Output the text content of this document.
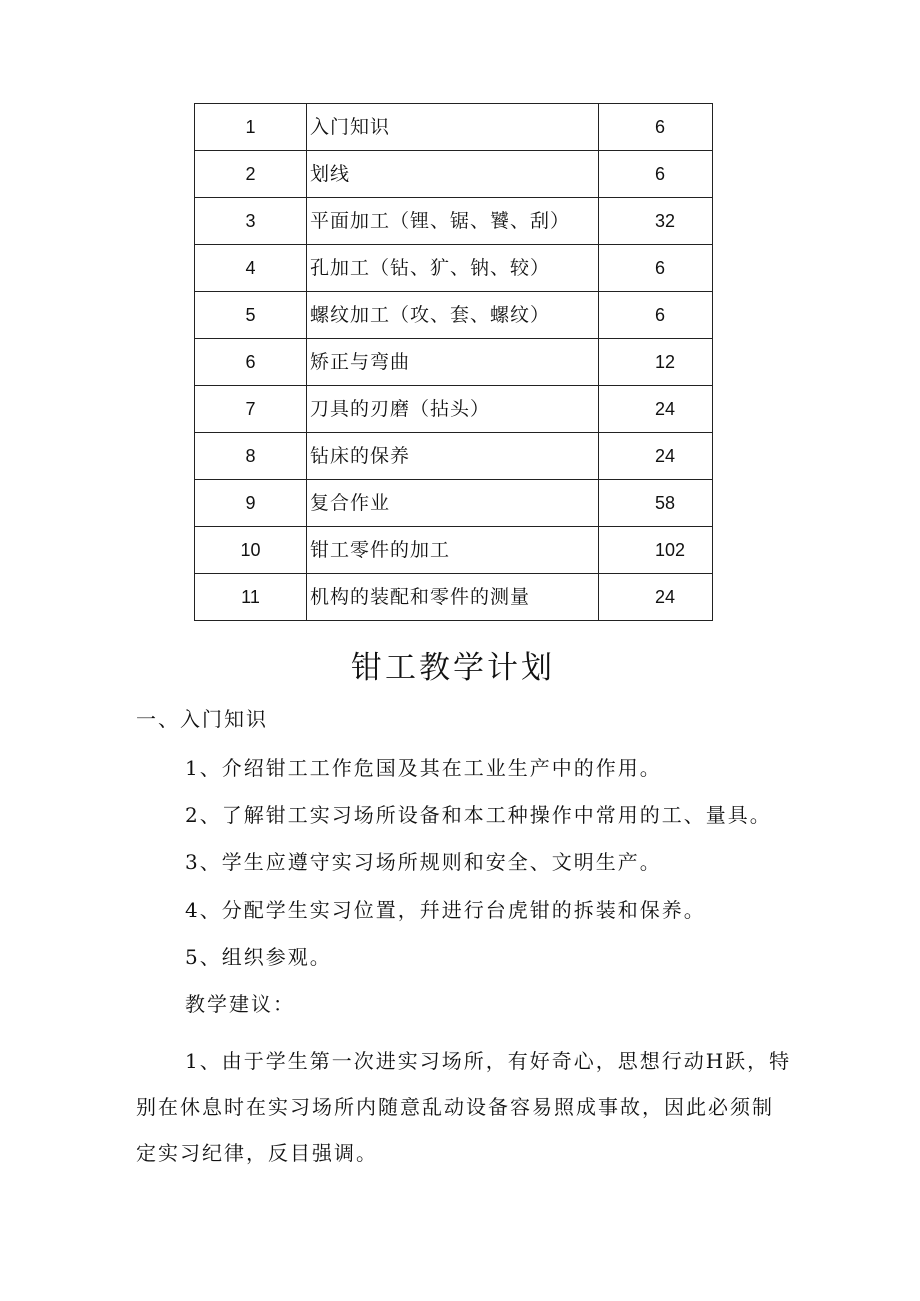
1	入门知识	6
2	划线	6
3	平面加工（锂、锯、饕、刮）	32
4	孔加工（钻、犷、钠、较）	6
5	螺纹加工（攻、套、螺纹）	6
6	矫正与弯曲	12
7	刀具的刃磨（拈头）	24
8	钻床的保养	24
9	复合作业	58
10	钳工零件的加工	102
11	机构的装配和零件的测量	24
钳工教学计划
一、入门知识
1、介绍钳工工作危国及其在工业生产中的作用。
2、了解钳工实习场所设备和本工种操作中常用的工、量具。
3、学生应遵守实习场所规则和安全、文明生产。
4、分配学生实习位置，幷进行台虎钳的拆装和保养。
5、组织参观。
教学建议：
1、由于学生第一次进实习场所，有好奇心，思想行动H跃，特
别在休息时在实习场所内随意乱动设备容易照成事故，因此必须制
定实习纪律，反目强调。
